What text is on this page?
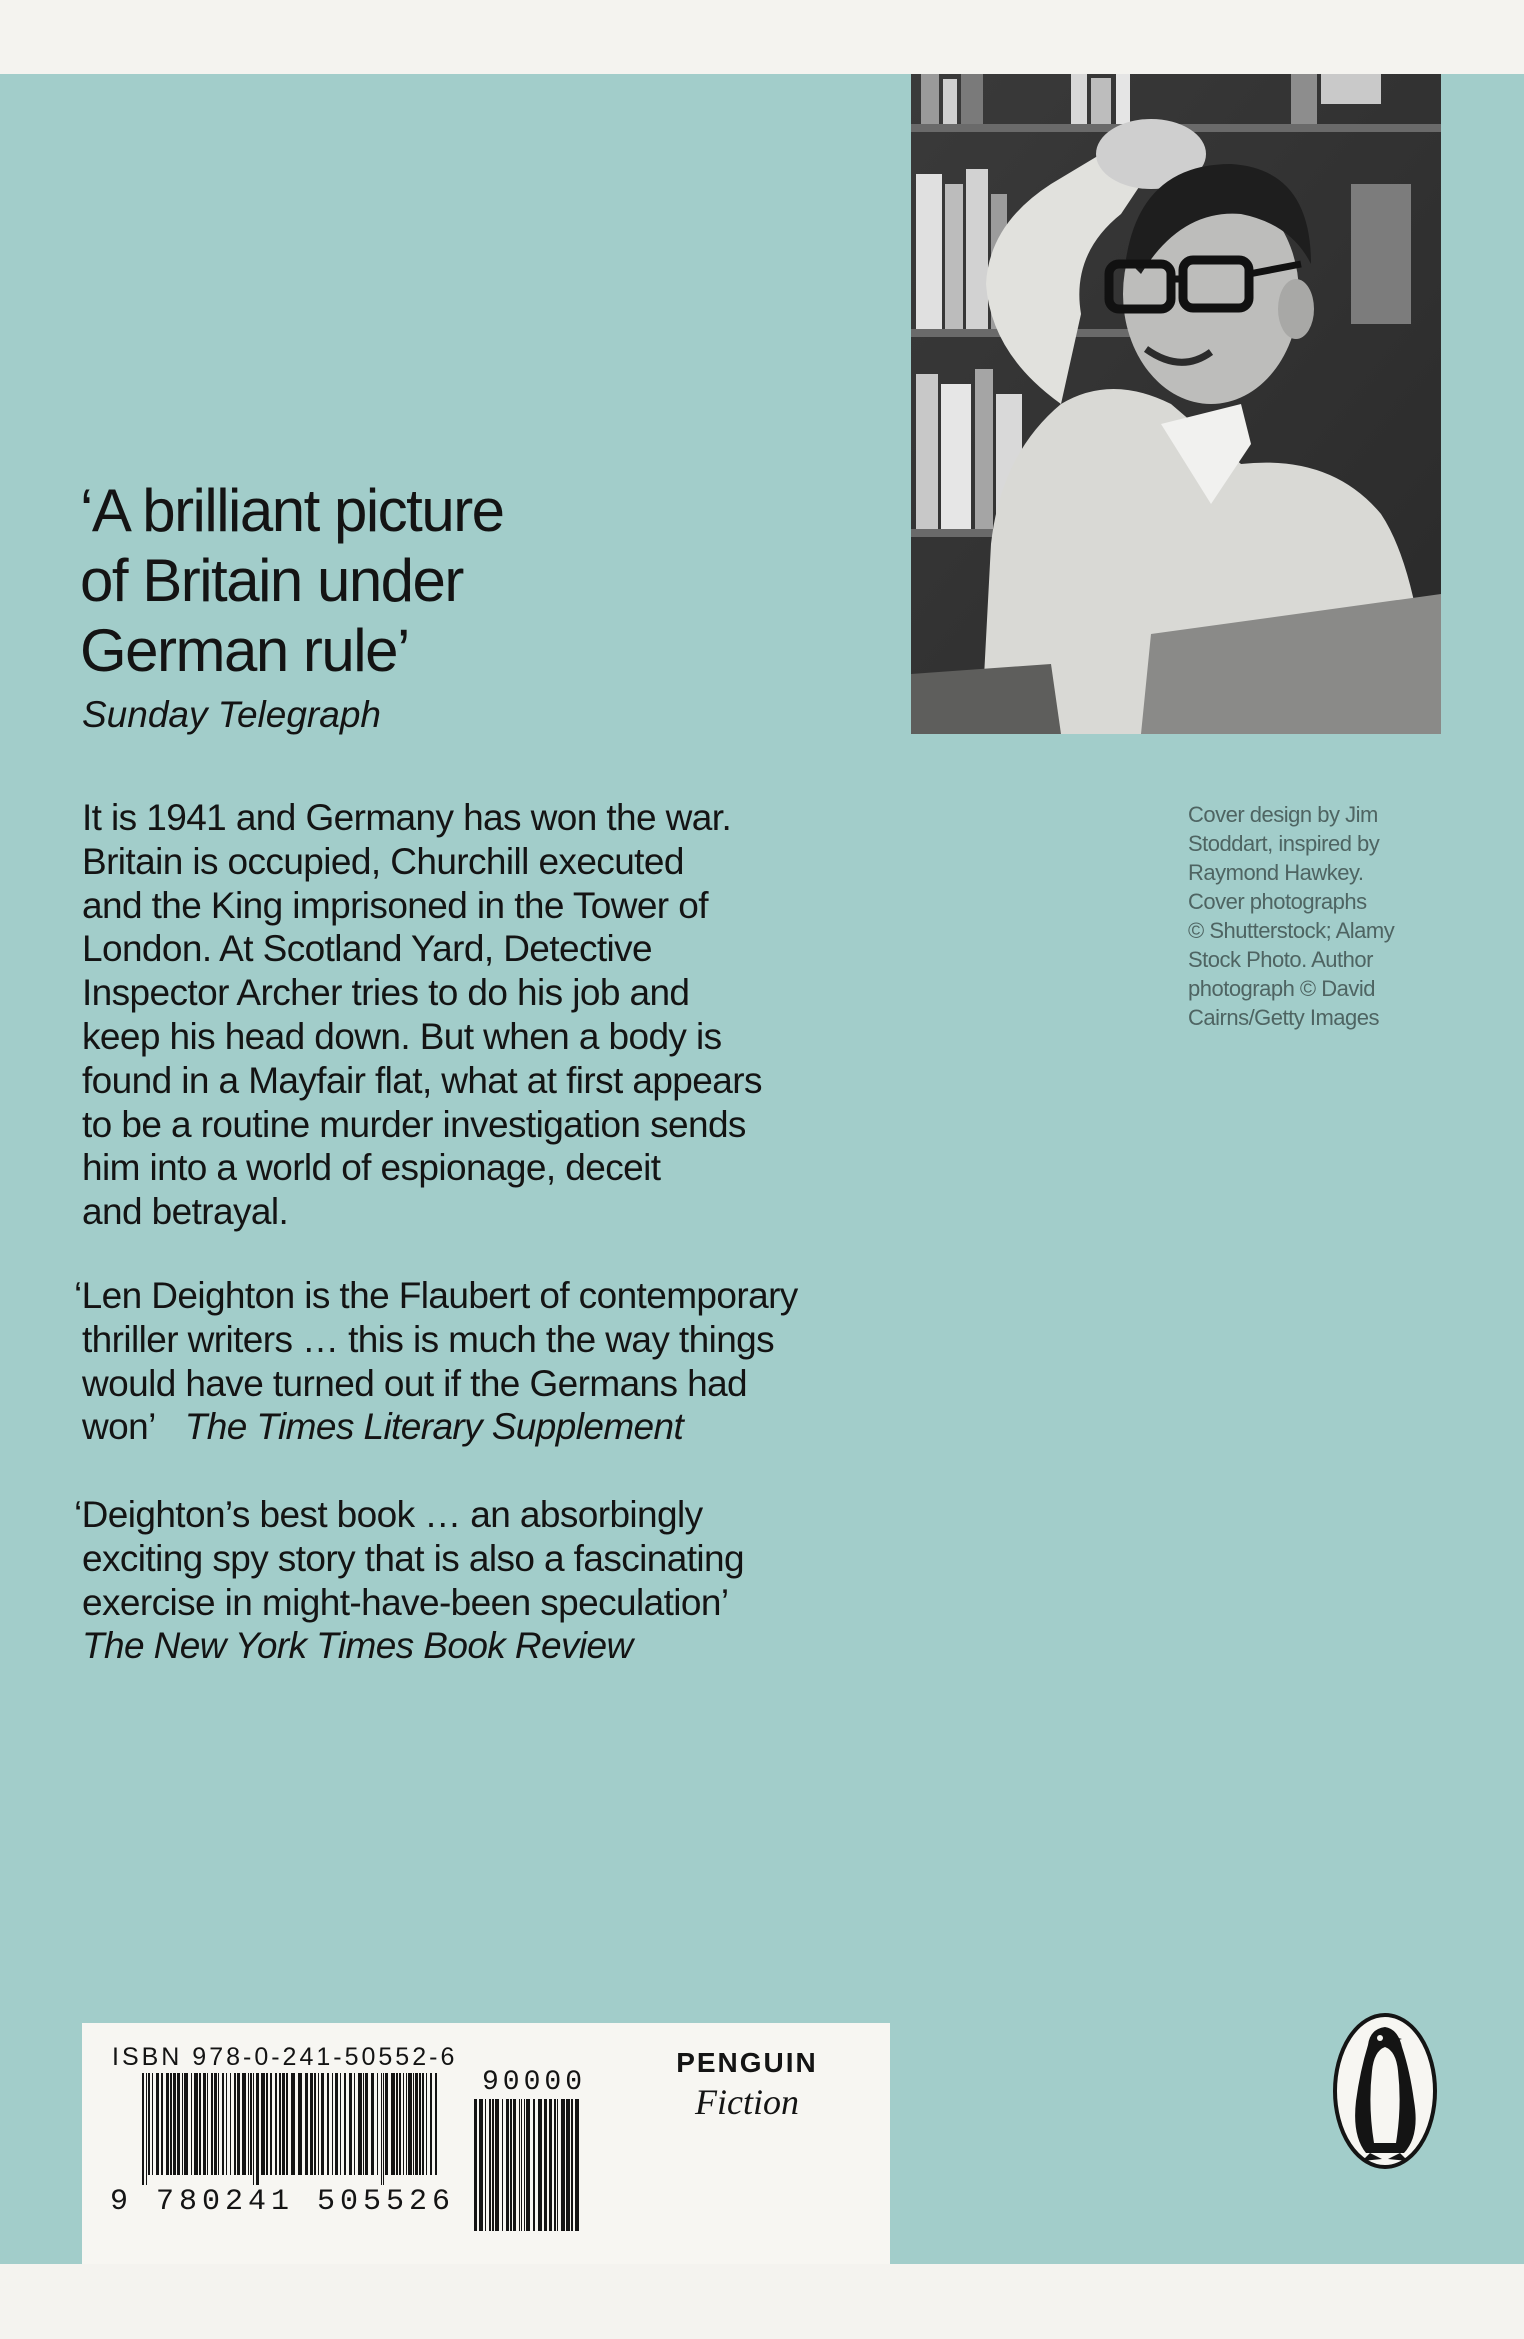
‘A brilliant picture
of Britain under
German rule’
Sunday Telegraph
It is 1941 and Germany has won the war.
Britain is occupied, Churchill executed
and the King imprisoned in the Tower of
London. At Scotland Yard, Detective
Inspector Archer tries to do his job and
keep his head down. But when a body is
found in a Mayfair flat, what at first appears
to be a routine murder investigation sends
him into a world of espionage, deceit
and betrayal.
‘Len Deighton is the Flaubert of contemporary
thriller writers … this is much the way things
would have turned out if the Germans had
won’ The Times Literary Supplement
‘Deighton’s best book … an absorbingly
exciting spy story that is also a fascinating
exercise in might-have-been speculation’
The New York Times Book Review
Cover design by Jim
Stoddart, inspired by
Raymond Hawkey.
Cover photographs
© Shutterstock; Alamy
Stock Photo. Author
photograph © David
Cairns/Getty Images
ISBN 978-0-241-50552-6
9 780241 505526
90000
PENGUIN
Fiction
